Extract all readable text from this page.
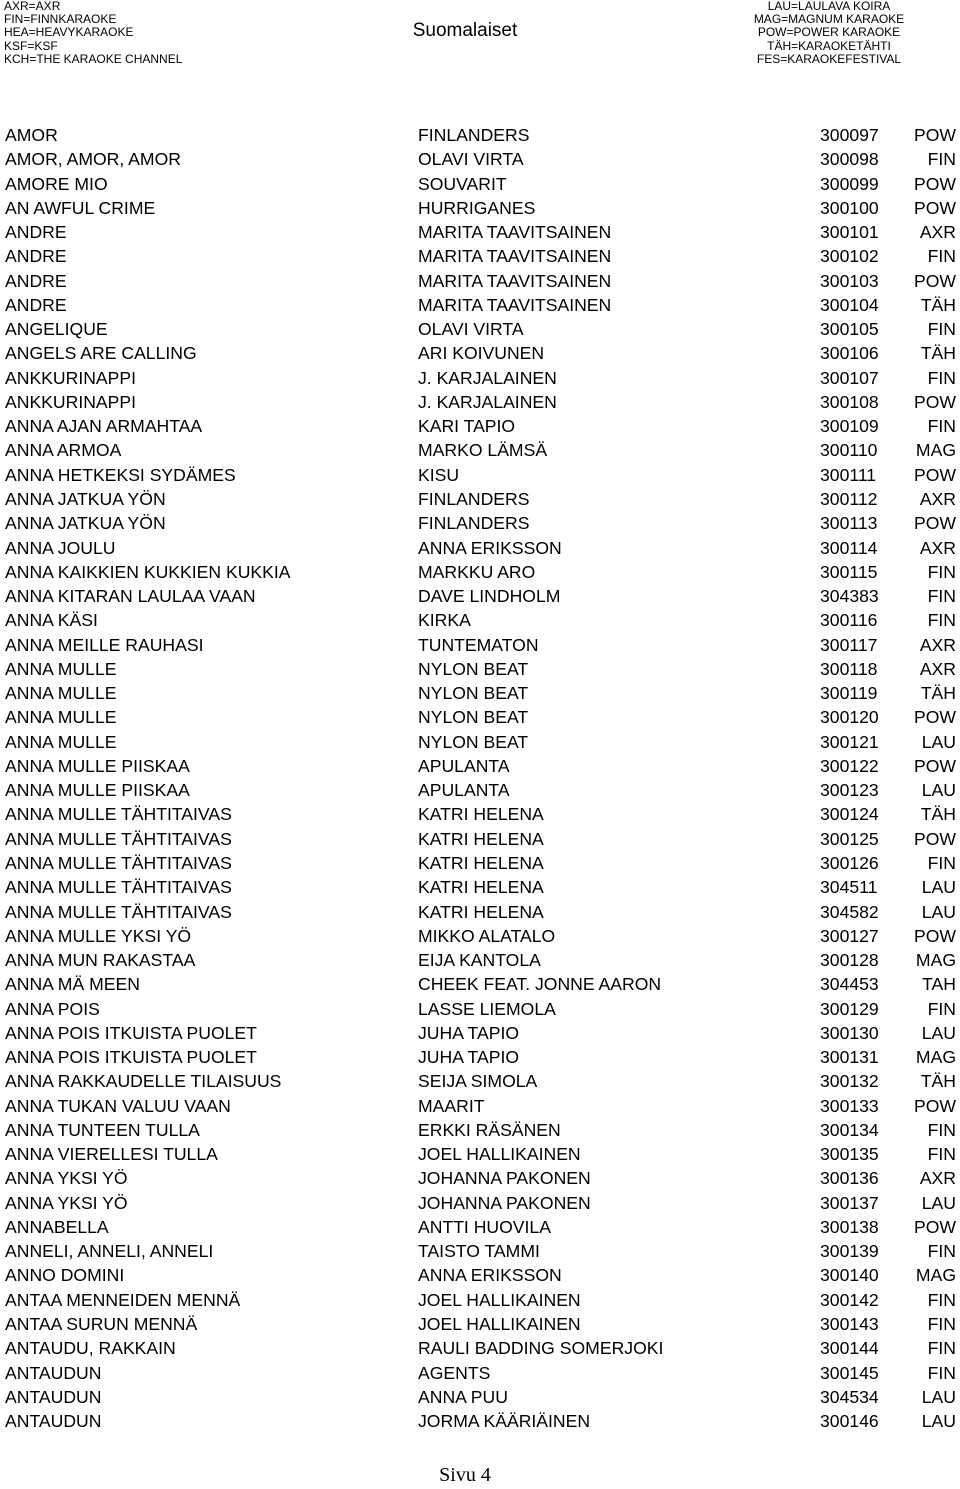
AXR=AXR
FIN=FINNKARAOKE
HEA=HEAVYKARAOKE
KSF=KSF
KCH=THE KARAOKE CHANNEL
Suomalaiset
LAU=LAULAVA KOIRA
MAG=MAGNUM KARAOKE
POW=POWER KARAOKE
TÄH=KARAOKETÄHTI
FES=KARAOKEFESTIVAL
AMOR	FINLANDERS	300097 POW
AMOR, AMOR, AMOR	OLAVI VIRTA	300098	FIN
AMORE MIO	SOUVARIT	300099 POW
AN AWFUL CRIME	HURRIGANES	300100 POW
ANDRE	MARITA TAAVITSAINEN	300101 AXR
ANDRE	MARITA TAAVITSAINEN	300102	FIN
ANDRE	MARITA TAAVITSAINEN	300103 POW
ANDRE	MARITA TAAVITSAINEN	300104 TÄH
ANGELIQUE	OLAVI VIRTA	300105	FIN
ANGELS ARE CALLING	ARI KOIVUNEN	300106 TÄH
ANKKURINAPPI	J. KARJALAINEN	300107	FIN
ANKKURINAPPI	J. KARJALAINEN	300108 POW
ANNA AJAN ARMAHTAA	KARI TAPIO	300109	FIN
ANNA ARMOA	MARKO LÄMSÄ	300110 MAG
ANNA HETKEKSI SYDÄMES	KISU	300111 POW
ANNA JATKUA YÖN	FINLANDERS	300112 AXR
ANNA JATKUA YÖN	FINLANDERS	300113 POW
ANNA JOULU	ANNA ERIKSSON	300114 AXR
ANNA KAIKKIEN KUKKIEN KUKKIA	MARKKU ARO	300115	FIN
ANNA KITARAN LAULAA VAAN	DAVE LINDHOLM	304383	FIN
ANNA KÄSI	KIRKA	300116	FIN
ANNA MEILLE RAUHASI	TUNTEMATON	300117 AXR
ANNA MULLE	NYLON BEAT	300118 AXR
ANNA MULLE	NYLON BEAT	300119 TÄH
ANNA MULLE	NYLON BEAT	300120 POW
ANNA MULLE	NYLON BEAT	300121 LAU
ANNA MULLE PIISKAA	APULANTA	300122 POW
ANNA MULLE PIISKAA	APULANTA	300123 LAU
ANNA MULLE TÄHTITAIVAS	KATRI HELENA	300124 TÄH
ANNA MULLE TÄHTITAIVAS	KATRI HELENA	300125 POW
ANNA MULLE TÄHTITAIVAS	KATRI HELENA	300126	FIN
ANNA MULLE TÄHTITAIVAS	KATRI HELENA	304511	LAU
ANNA MULLE TÄHTITAIVAS	KATRI HELENA	304582 LAU
ANNA MULLE YKSI YÖ	MIKKO ALATALO	300127 POW
ANNA MUN RAKASTAA	EIJA KANTOLA	300128 MAG
ANNA MÄ MEEN	CHEEK FEAT. JONNE AARON	304453 TAH
ANNA POIS	LASSE LIEMOLA	300129	FIN
ANNA POIS ITKUISTA PUOLET	JUHA TAPIO	300130 LAU
ANNA POIS ITKUISTA PUOLET	JUHA TAPIO	300131 MAG
ANNA RAKKAUDELLE TILAISUUS	SEIJA SIMOLA	300132 TÄH
ANNA TUKAN VALUU VAAN	MAARIT	300133 POW
ANNA TUNTEEN TULLA	ERKKI RÄSÄNEN	300134	FIN
ANNA VIERELLESI TULLA	JOEL HALLIKAINEN	300135	FIN
ANNA YKSI YÖ	JOHANNA PAKONEN	300136 AXR
ANNA YKSI YÖ	JOHANNA PAKONEN	300137 LAU
ANNABELLA	ANTTI HUOVILA	300138 POW
ANNELI, ANNELI, ANNELI	TAISTO TAMMI	300139	FIN
ANNO DOMINI	ANNA ERIKSSON	300140 MAG
ANTAA MENNEIDEN MENNÄ	JOEL HALLIKAINEN	300142	FIN
ANTAA SURUN MENNÄ	JOEL HALLIKAINEN	300143	FIN
ANTAUDU, RAKKAIN	RAULI BADDING SOMERJOKI	300144	FIN
ANTAUDUN	AGENTS	300145	FIN
ANTAUDUN	ANNA PUU	304534 LAU
ANTAUDUN	JORMA KÄÄRIÄINEN	300146 LAU
Sivu 4
